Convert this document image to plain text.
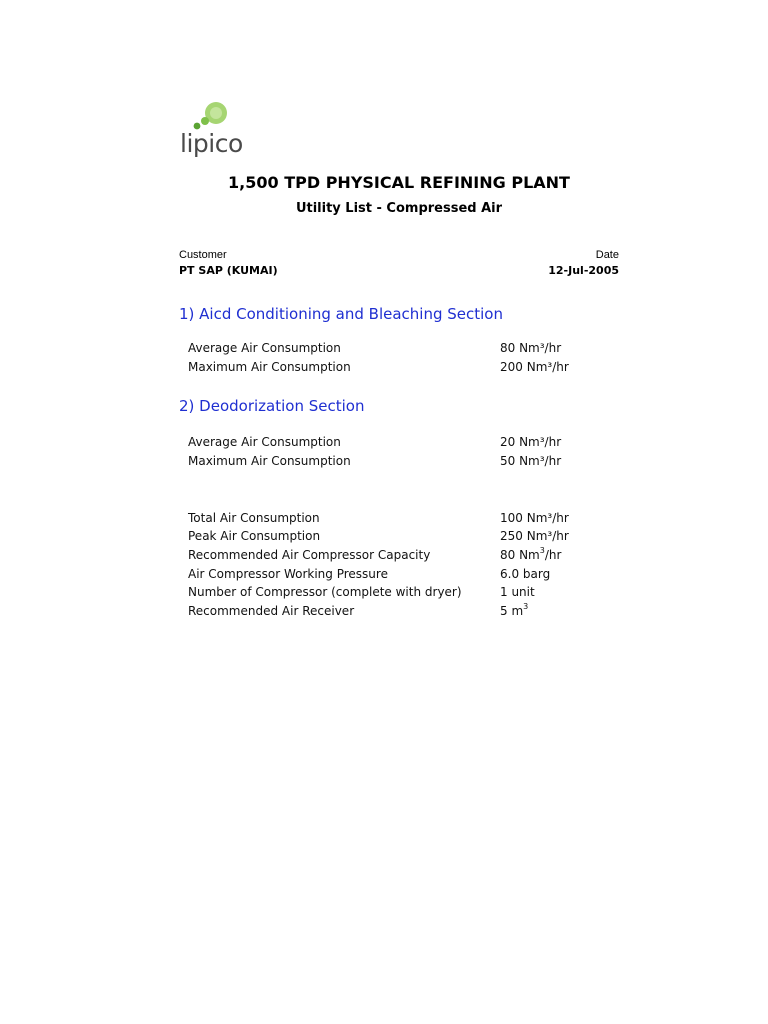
lipico
1,500 TPD PHYSICAL REFINING PLANT
Utility List - Compressed Air
Customer
PT SAP (KUMAI)
Date
12-Jul-2005
1) Aicd Conditioning and Bleaching Section
Average Air Consumption	80 Nm³/hr
Maximum Air Consumption	200 Nm³/hr
2) Deodorization Section
Average Air Consumption	20 Nm³/hr
Maximum Air Consumption	50 Nm³/hr
Total Air Consumption	100 Nm³/hr
Peak Air Consumption	250 Nm³/hr
Recommended Air Compressor Capacity	80 Nm$^3$/hr
Air Compressor Working Pressure	6.0 barg
Number of Compressor (complete with dryer)	1 unit
Recommended Air Receiver	5 $m^3$
